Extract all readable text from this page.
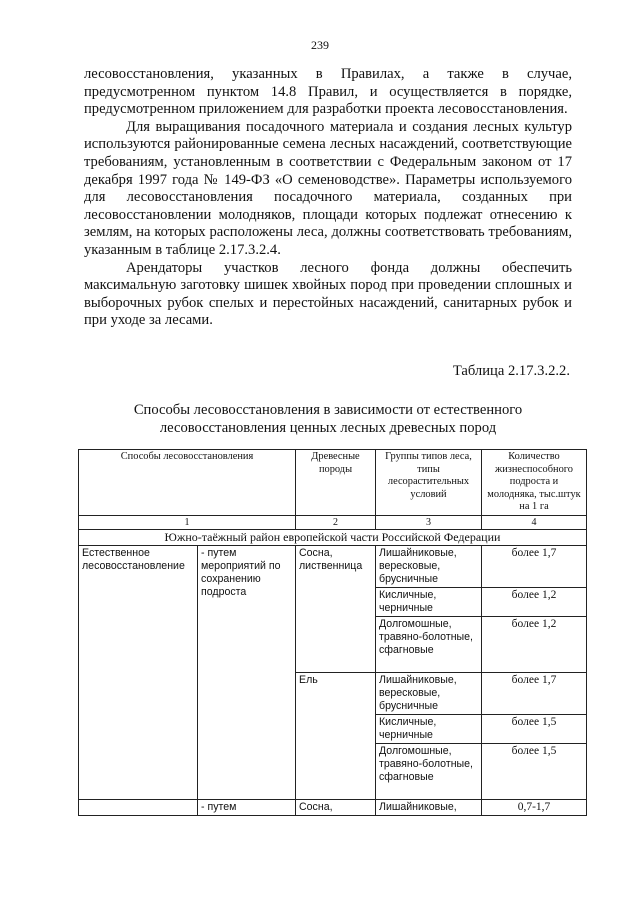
239

лесовосстановления, указанных в Правилах, а также в случае, предусмотренном пунктом 14.8 Правил, и осуществляется в порядке, предусмотренном приложением для разработки проекта лесовосстановления.

Для выращивания посадочного материала и создания лесных культур используются районированные семена лесных насаждений, соответствующие требованиям, установленным в соответствии с Федеральным законом от 17 декабря 1997 года № 149-ФЗ «О семеноводстве». Параметры используемого для лесовосстановления посадочного материала, созданных при лесовосстановлении молодняков, площади которых подлежат отнесению к землям, на которых расположены леса, должны соответствовать требованиям, указанным в таблице 2.17.3.2.4.

Арендаторы участков лесного фонда должны обеспечить максимальную заготовку шишек хвойных пород при проведении сплошных и выборочных рубок спелых и перестойных насаждений, санитарных рубок и при уходе за лесами.

Таблица 2.17.3.2.2.
Способы лесовосстановления в зависимости от естественного лесовосстановления ценных лесных древесных пород
Способы лесовосстановления		Древесные породы	Группы типов леса, типы лесорастительных условий	Количество жизнеспособного подроста и молодняка, тыс.штук на 1 га
1		2	3	4
Южно-таёжный район европейской части Российской Федерации				
Естественное лесовосстановление	- путем мероприятий по сохранению подроста	Сосна, лиственница	Лишайниковые, вересковые, брусничные	более 1,7
			Кисличные, черничные	более 1,2
			Долгомошные, травяно-болотные, сфагновые	более 1,2
		Ель	Лишайниковые, вересковые, брусничные	более 1,7
			Кисличные, черничные	более 1,5
			Долгомошные, травяно-болотные, сфагновые	более 1,5
	- путем	Сосна,	Лишайниковые,	0,7-1,7
